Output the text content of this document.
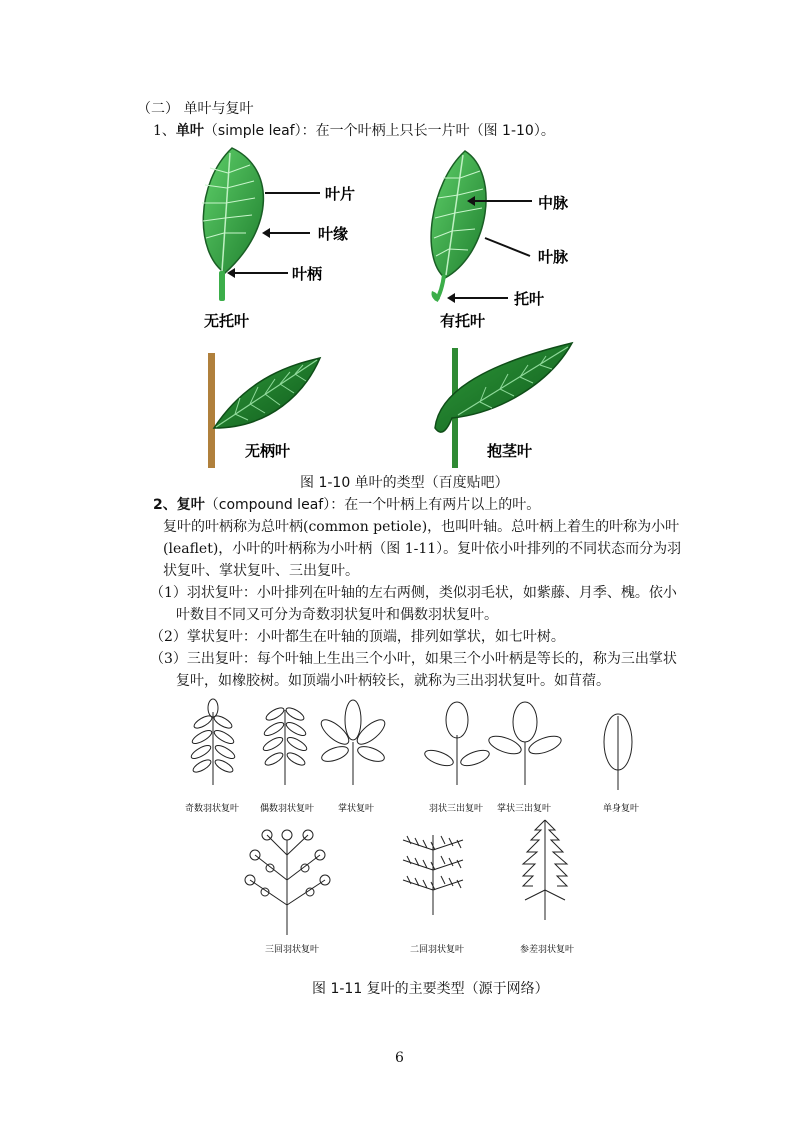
（二） 单叶与复叶
1、单叶（simple leaf）：在一个叶柄上只长一片叶（图 1-10）。
叶片
叶缘
叶柄
无托叶
中脉
叶脉
托叶
有托叶
无柄叶	抱茎叶
图 1-10 单叶的类型（百度贴吧）
2、复叶（compound leaf）：在一个叶柄上有两片以上的叶。
复叶的叶柄称为总叶柄(common petiole)，也叫叶轴。总叶柄上着生的叶称为小叶
(leaflet)，小叶的叶柄称为小叶柄（图 1-11）。复叶依小叶排列的不同状态而分为羽
状复叶、掌状复叶、三出复叶。
（1）羽状复叶：小叶排列在叶轴的左右两侧，类似羽毛状，如紫藤、月季、槐。依小
叶数目不同又可分为奇数羽状复叶和偶数羽状复叶。
（2）掌状复叶：小叶都生在叶轴的顶端，排列如掌状，如七叶树。
（3）三出复叶：每个叶轴上生出三个小叶，如果三个小叶柄是等长的，称为三出掌状
复叶，如橡胶树。如顶端小叶柄较长，就称为三出羽状复叶。如苜蓿。
奇数羽状复叶 偶数羽状复叶	掌状复叶	羽状三出复叶 掌状三出复叶	单身复叶
三回羽状复叶	二回羽状复叶	参差羽状复叶
图 1-11 复叶的主要类型（源于网络）
6
